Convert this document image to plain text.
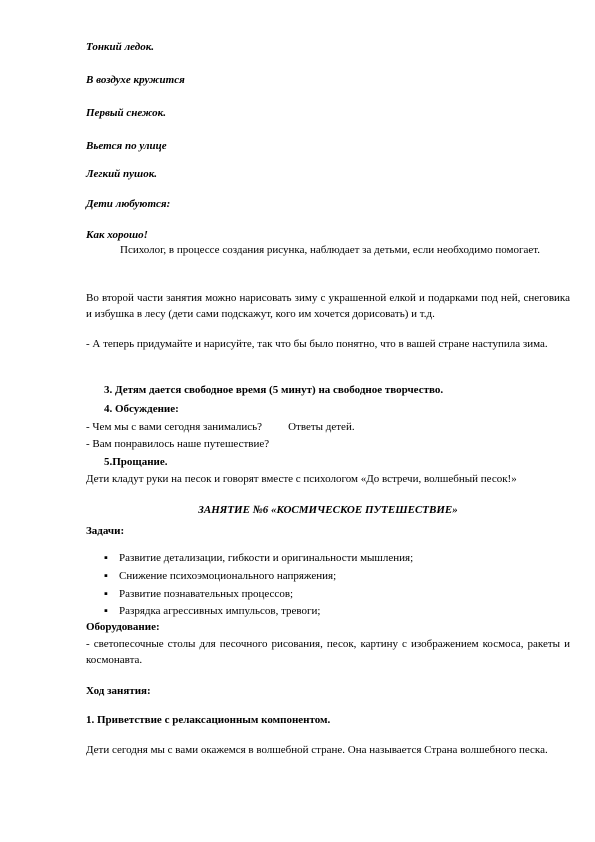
Тонкий ледок.
В воздухе кружится
Первый снежок.
Вьется по улице
Легкий пушок.
Дети любуются:
Как хорошо!
Психолог, в процессе создания рисунка, наблюдает за детьми, если необходимо помогает.
Во второй части занятия можно нарисовать зиму с украшенной елкой и подарками под ней, снеговика и избушка в лесу (дети сами подскажут, кого им хочется дорисовать) и т.д.
- А теперь придумайте и нарисуйте, так что бы было понятно, что в вашей стране наступила зима.
3. Детям дается свободное время (5 минут) на свободное творчество.
4. Обсуждение:
- Чем мы с вами сегодня занимались? Ответы детей.
- Вам понравилось наше путешествие?
5.Прощание.
Дети кладут руки на песок и говорят вместе с психологом «До встречи, волшебный песок!»
ЗАНЯТИЕ №6 «КОСМИЧЕСКОЕ ПУТЕШЕСТВИЕ»
Задачи:
▪ Развитие детализации, гибкости и оригинальности мышления;
▪ Снижение психоэмоционального напряжения;
▪ Развитие познавательных процессов;
▪ Разрядка агрессивных импульсов, тревоги;
Оборудование:
- светопесочные столы для песочного рисования, песок, картину с изображением космоса, ракеты и космонавта.
Ход занятия:
1. Приветствие с релаксационным компонентом.
Дети сегодня мы с вами окажемся в волшебной стране. Она называется Страна волшебного песка.
